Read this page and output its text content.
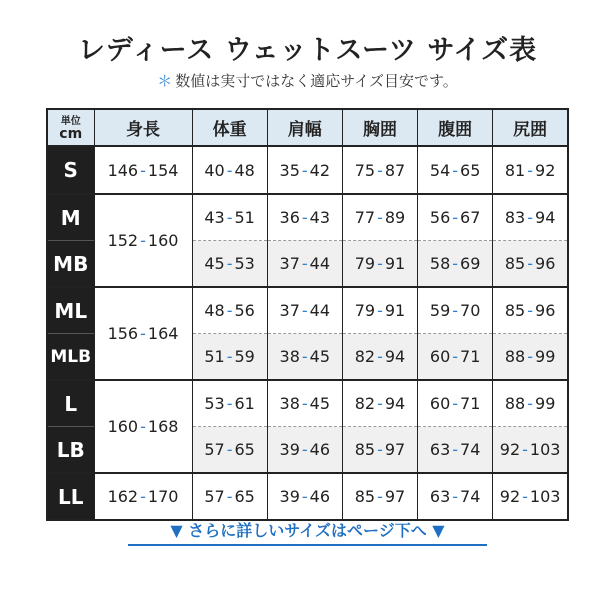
レディース ウェットスーツ サイズ表
＊ 数値は実寸ではなく適応サイズ目安です。
単位
cm	身長	体重	肩幅	胸囲	腹囲	尻囲
S	146 - 154	40 - 48	35 - 42	75 - 87	54 - 65	81 - 92
M	152 - 160	43 - 51	36 - 43	77 - 89	56 - 67	83 - 94
MB		45 - 53	37 - 44	79 - 91	58 - 69	85 - 96
ML	156 - 164	48 - 56	37 - 44	79 - 91	59 - 70	85 - 96
MLB		51 - 59	38 - 45	82 - 94	60 - 71	88 - 99
L	160 - 168	53 - 61	38 - 45	82 - 94	60 - 71	88 - 99
LB		57 - 65	39 - 46	85 - 97	63 - 74	92 - 103
LL	162 - 170	57 - 65	39 - 46	85 - 97	63 - 74	92 - 103
▼ さらに詳しいサイズはページ下へ ▼
